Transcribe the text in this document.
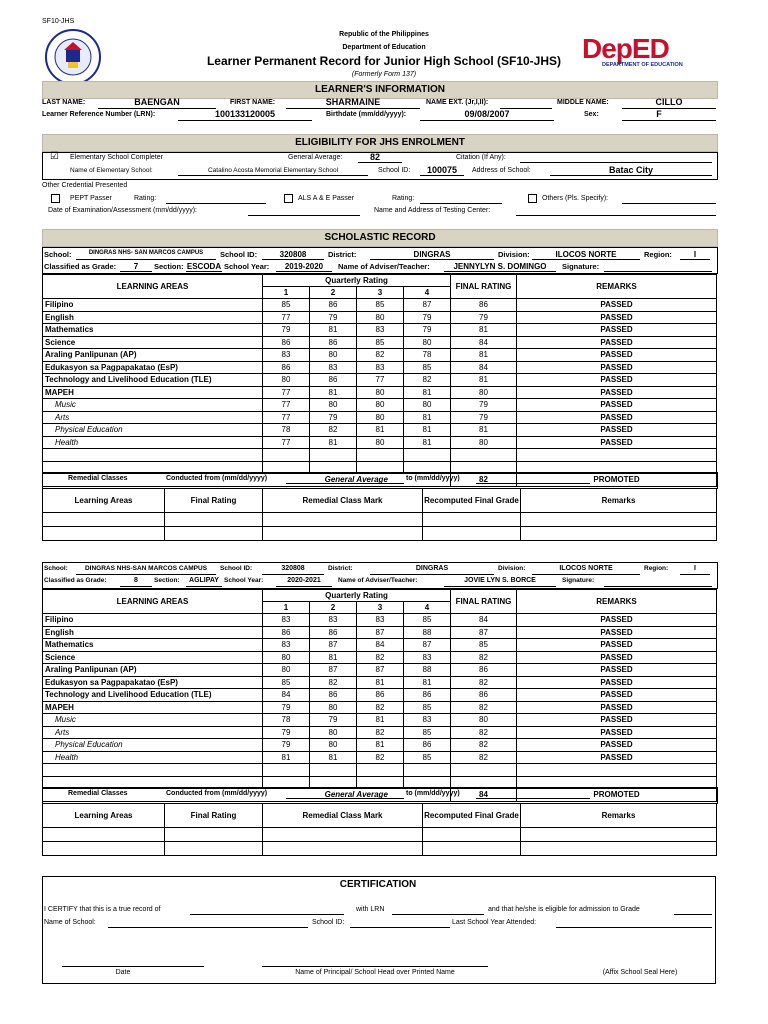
SF10-JHS
Republic of the Philippines
Department of Education
Learner Permanent Record for Junior High School (SF10-JHS)
(Formerly Form 137)
DepED
DEPARTMENT OF EDUCATION
LEARNER'S INFORMATION
LAST NAME:	BAENGAN	FIRST NAME:	SHARMAINE	NAME EXT. (Jr,I,II):	MIDDLE NAME:	CILLO
Learner Reference Number (LRN):	100133120005	Birthdate (mm/dd/yyyy):	09/08/2007	Sex:	F
ELIGIBILITY FOR JHS ENROLMENT
☑ Elementary School Completer	General Average:	82	Citation (If Any):
Name of Elementary School:	Catalino Acosta Memorial Elementary School	School ID:	100075	Address of School:	Batac City
Other Credential Presented
PEPT Passer	Rating:	ALS A & E Passer	Rating:	Others (Pls. Specify):
Date of Examination/Assessment (mm/dd/yyyy):	Name and Address of Testing Center:
SCHOLASTIC RECORD
School:	DINGRAS NHS- SAN MARCOS CAMPUS	School ID:	320808	District:	DINGRAS	Division:	ILOCOS NORTE	Region:	I
Classified as Grade:	7	Section: ESCODA School Year:	2019-2020	Name of Adviser/Teacher:	JENNYLYN S. DOMINGO	Signature:
LEARNING AREAS	Quarterly Rating				FINAL RATING	REMARKS
	1	2	3	4		
Filipino	85	86	85	87	86	PASSED
English	77	79	80	79	79	PASSED
Mathematics	79	81	83	79	81	PASSED
Science	86	86	85	80	84	PASSED
Araling Panlipunan (AP)	83	80	82	78	81	PASSED
Edukasyon sa Pagpapakatao (EsP)	86	83	83	85	84	PASSED
Technology and Livelihood Education (TLE)	80	86	77	82	81	PASSED
MAPEH	77	81	80	81	80	PASSED
Music	77	80	80	80	79	PASSED
Arts	77	79	80	81	79	PASSED
Physical Education	78	82	81	81	81	PASSED
Health	77	81	80	81	80	PASSED

	General Average				82	PROMOTED
Remedial Classes	Conducted from (mm/dd/yyyy)	to (mm/dd/yyyy)
Learning Areas	Final Rating	Remedial Class Mark	Recomputed Final Grade	Remarks

School:	DINGRAS NHS-SAN MARCOS CAMPUS	School ID:	320808	District:	DINGRAS	Division:	ILOCOS NORTE	Region:	I
Classified as Grade:	8	Section:	AGLIPAY School Year:	2020-2021	Name of Adviser/Teacher:	JOVIE LYN S. BORCE	Signature:
LEARNING AREAS	Quarterly Rating				FINAL RATING	REMARKS
	1	2	3	4		
Filipino	83	83	83	85	84	PASSED
English	86	86	87	88	87	PASSED
Mathematics	83	87	84	87	85	PASSED
Science	80	81	82	83	82	PASSED
Araling Panlipunan (AP)	80	87	87	88	86	PASSED
Edukasyon sa Pagpapakatao (EsP)	85	82	81	81	82	PASSED
Technology and Livelihood Education (TLE)	84	86	86	86	86	PASSED
MAPEH	79	80	82	85	82	PASSED
Music	78	79	81	83	80	PASSED
Arts	79	80	82	85	82	PASSED
Physical Education	79	80	81	86	82	PASSED
Health	81	81	82	85	82	PASSED

	General Average				84	PROMOTED
Remedial Classes	Conducted from (mm/dd/yyyy)	to (mm/dd/yyyy)
Learning Areas	Final Rating	Remedial Class Mark	Recomputed Final Grade	Remarks

CERTIFICATION
I CERTIFY that this is a true record of	with LRN	and that he/she is eligible for admission to Grade
Name of School:	School ID:	Last School Year Attended:
Date	Name of Principal/ School Head over Printed Name	(Affix School Seal Here)
